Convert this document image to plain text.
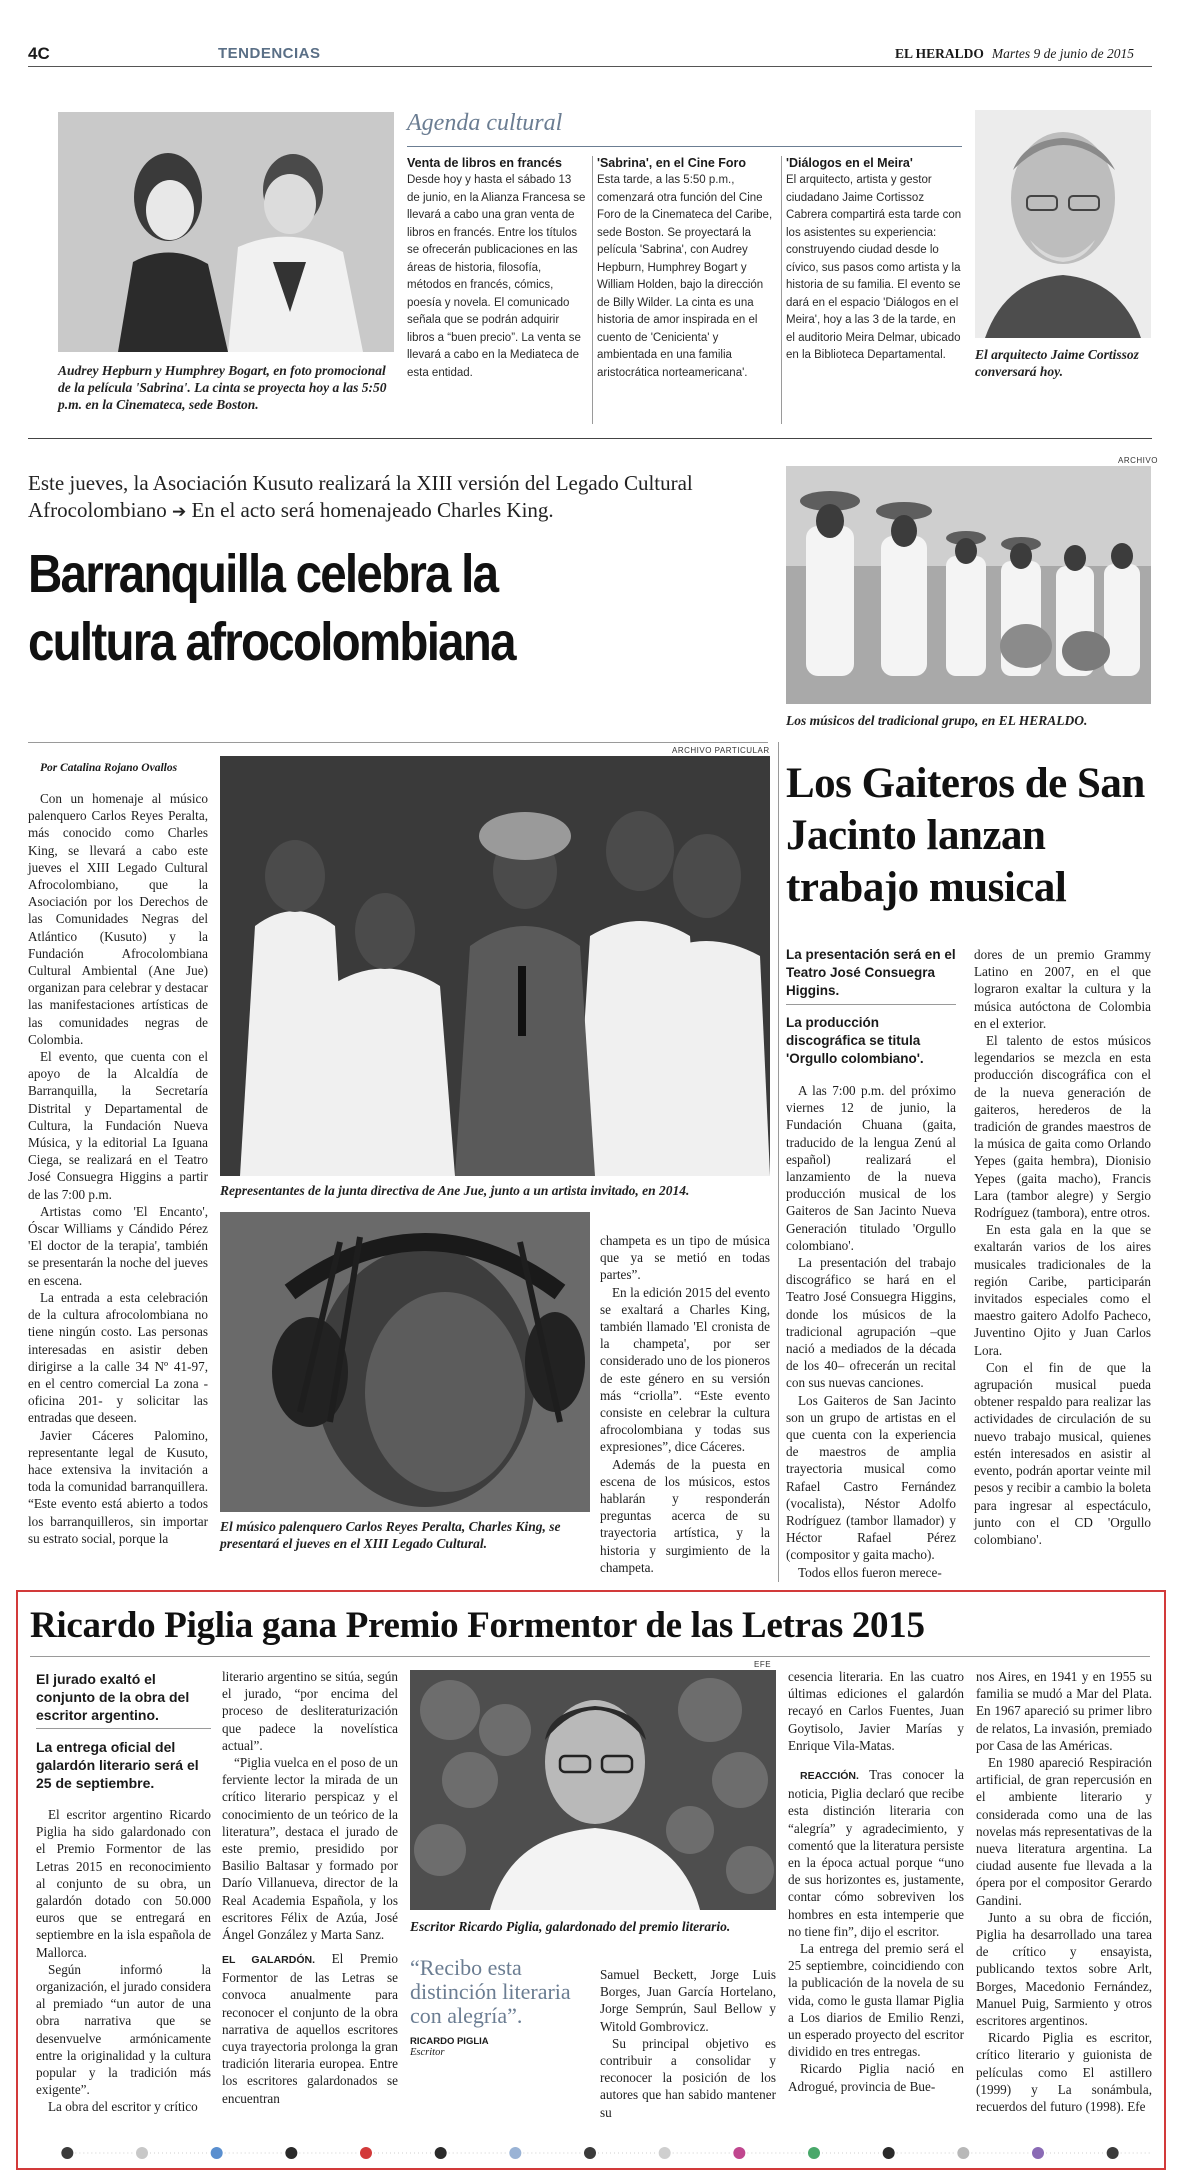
4C	TENDENCIAS	EL HERALDO Martes 9 de junio de 2015
Audrey Hepburn y Humphrey Bogart, en foto promocional de la película 'Sabrina'. La cinta se proyecta hoy a las 5:50 p.m. en la Cinemateca, sede Boston.
Agenda cultural
Venta de libros en francés
Desde hoy y hasta el sábado 13 de junio, en la Alianza Francesa se llevará a cabo una gran venta de libros en francés. Entre los títulos se ofrecerán publicaciones en las áreas de historia, filosofía, métodos en francés, cómics, poesía y novela. El comunicado señala que se podrán adquirir libros a “buen precio”. La venta se llevará a cabo en la Mediateca de esta entidad.
'Sabrina', en el Cine Foro
Esta tarde, a las 5:50 p.m., comenzará otra función del Cine Foro de la Cinemateca del Caribe, sede Boston. Se proyectará la película 'Sabrina', con Audrey Hepburn, Humphrey Bogart y William Holden, bajo la dirección de Billy Wilder. La cinta es una historia de amor inspirada en el cuento de 'Cenicienta' y ambientada en una familia aristocrática norteamericana'.
'Diálogos en el Meira'
El arquitecto, artista y gestor ciudadano Jaime Cortissoz Cabrera compartirá esta tarde con los asistentes su experiencia: construyendo ciudad desde lo cívico, sus pasos como artista y la historia de su familia. El evento se dará en el espacio 'Diálogos en el Meira', hoy a las 3 de la tarde, en el auditorio Meira Delmar, ubicado en la Biblioteca Departamental.	El arquitecto Jaime Cortissoz conversará hoy.
Este jueves, la Asociación Kusuto realizará la XIII versión del Legado Cultural Afrocolombiano ➔ En el acto será homenajeado Charles King.
Barranquilla celebra la
cultura afrocolombiana
ARCHIVO
Los músicos del tradicional grupo, en EL HERALDO.
Por Catalina Rojano Ovallos

Con un homenaje al músico palenquero Carlos Reyes Peralta, más conocido como Charles King, se llevará a cabo este jueves el XIII Legado Cultural Afrocolombiano, que la Asociación por los Derechos de las Comunidades Negras del Atlántico (Kusuto) y la Fundación Afrocolombiana Cultural Ambiental (Ane Jue) organizan para celebrar y destacar las manifestaciones artísticas de las comunidades negras de Colombia.

El evento, que cuenta con el apoyo de la Alcaldía de Barranquilla, la Secretaría Distrital y Departamental de Cultura, la Fundación Nueva Música, y la editorial La Iguana Ciega, se realizará en el Teatro José Consuegra Higgins a partir de las 7:00 p.m.

Artistas como 'El Encanto', Óscar Williams y Cándido Pérez 'El doctor de la terapia', también se presentarán la noche del jueves en escena.

La entrada a esta celebración de la cultura afrocolombiana no tiene ningún costo. Las personas interesadas en asistir deben dirigirse a la calle 34 Nº 41-97, en el centro comercial La zona -oficina 201- y solicitar las entradas que deseen.

Javier Cáceres Palomino, representante legal de Kusuto, hace extensiva la invitación a toda la comunidad barranquillera. “Este evento está abierto a todos los barranquilleros, sin importar su estrato social, porque la

ARCHIVO PARTICULAR
Representantes de la junta directiva de Ane Jue, junto a un artista invitado, en 2014.
El músico palenquero Carlos Reyes Peralta, Charles King, se presentará el jueves en el XIII Legado Cultural.

champeta es un tipo de música que ya se metió en todas partes”.

En la edición 2015 del evento se exaltará a Charles King, también llamado 'El cronista de la champeta', por ser considerado uno de los pioneros de este género en su versión más “criolla”. “Este evento consiste en celebrar la cultura afrocolombiana y todas sus expresiones”, dice Cáceres.

Además de la puesta en escena de los músicos, estos hablarán y responderán preguntas acerca de su trayectoria artística, y la historia y surgimiento de la champeta.

Los Gaiteros de San Jacinto lanzan trabajo musical
La presentación será en el Teatro José Consuegra Higgins.
La producción discográfica se titula 'Orgullo colombiano'.

A las 7:00 p.m. del próximo viernes 12 de junio, la Fundación Chuana (gaita, traducido de la lengua Zenú al español) realizará el lanzamiento de la nueva producción musical de los Gaiteros de San Jacinto Nueva Generación titulado 'Orgullo colombiano'.

La presentación del trabajo discográfico se hará en el Teatro José Consuegra Higgins, donde los músicos de la tradicional agrupación –que nació a mediados de la década de los 40– ofrecerán un recital con sus nuevas canciones.

Los Gaiteros de San Jacinto son un grupo de artistas en el que cuenta con la experiencia de maestros de amplia trayectoria musical como Rafael Castro Fernández (vocalista), Néstor Adolfo Rodríguez (tambor llamador) y Héctor Rafael Pérez (compositor y gaita macho).

Todos ellos fueron merece-

dores de un premio Grammy Latino en 2007, en el que lograron exaltar la cultura y la música autóctona de Colombia en el exterior.

El talento de estos músicos legendarios se mezcla en esta producción discográfica con el de la nueva generación de gaiteros, herederos de la tradición de grandes maestros de la música de gaita como Orlando Yepes (gaita hembra), Dionisio Yepes (gaita macho), Francis Lara (tambor alegre) y Sergio Rodríguez (tambora), entre otros.

En esta gala en la que se exaltarán varios de los aires musicales tradicionales de la región Caribe, participarán invitados especiales como el maestro gaitero Adolfo Pacheco, Juventino Ojito y Juan Carlos Lora.

Con el fin de que la agrupación musical pueda obtener respaldo para realizar las actividades de circulación de su nuevo trabajo musical, quienes estén interesados en asistir al evento, podrán aportar veinte mil pesos y recibir a cambio la boleta para ingresar al espectáculo, junto con el CD 'Orgullo colombiano'.

Ricardo Piglia gana Premio Formentor de las Letras 2015
El jurado exaltó el conjunto de la obra del escritor argentino.
La entrega oficial del galardón literario será el 25 de septiembre.

El escritor argentino Ricardo Piglia ha sido galardonado con el Premio Formentor de las Letras 2015 en reconocimiento al conjunto de su obra, un galardón dotado con 50.000 euros que se entregará en septiembre en la isla española de Mallorca.

Según informó la organización, el jurado considera al premiado “un autor de una obra narrativa que se desenvuelve armónicamente entre la originalidad y la cultura popular y la tradición más exigente”.

La obra del escritor y crítico

literario argentino se sitúa, según el jurado, “por encima del proceso de desliteraturización que padece la novelística actual”.

“Piglia vuelca en el poso de un ferviente lector la mirada de un crítico literario perspicaz y el conocimiento de un teórico de la literatura”, destaca el jurado de este premio, presidido por Basilio Baltasar y formado por Darío Villanueva, director de la Real Academia Española, y los escritores Félix de Azúa, José Ángel González y Marta Sanz.

EFE
Escritor Ricardo Piglia, galardonado del premio literario.

EL GALARDÓN. El Premio Formentor de las Letras se convoca anualmente para reconocer el conjunto de la obra narrativa de aquellos escritores cuya trayectoria prolonga la gran tradición literaria europea. Entre los escritores galardonados se encuentran

“Recibo esta distinción literaria con alegría”.
RICARDO PIGLIA
Escritor

Samuel Beckett, Jorge Luis Borges, Juan García Hortelano, Jorge Semprún, Saul Bellow y Witold Gombrovicz.

Su principal objetivo es contribuir a consolidar y reconocer la posición de los autores que han sabido mantener su

cesencia literaria. En las cuatro últimas ediciones el galardón recayó en Carlos Fuentes, Juan Goytisolo, Javier Marías y Enrique Vila-Matas.

REACCIÓN. Tras conocer la noticia, Piglia declaró que recibe esta distinción literaria con “alegría” y agradecimiento, y comentó que la literatura persiste en la época actual porque “uno de sus horizontes es, justamente, contar cómo sobreviven los hombres en esta intemperie que no tiene fin”, dijo el escritor.

La entrega del premio será el 25 septiembre, coincidiendo con la publicación de la novela de su vida, como le gusta llamar Piglia a Los diarios de Emilio Renzi, un esperado proyecto del escritor dividido en tres entregas.

Ricardo Piglia nació en Adrogué, provincia de Bue-

nos Aires, en 1941 y en 1955 su familia se mudó a Mar del Plata. En 1967 apareció su primer libro de relatos, La invasión, premiado por Casa de las Américas.

En 1980 apareció Respiración artificial, de gran repercusión en el ambiente literario y considerada como una de las novelas más representativas de la nueva literatura argentina. La ciudad ausente fue llevada a la ópera por el compositor Gerardo Gandini.

Junto a su obra de ficción, Piglia ha desarrollado una tarea de crítico y ensayista, publicando textos sobre Arlt, Borges, Macedonio Fernández, Manuel Puig, Sarmiento y otros escritores argentinos.

Ricardo Piglia es escritor, crítico literario y guionista de películas como El astillero (1999) y La sonámbula, recuerdos del futuro (1998). Efe
